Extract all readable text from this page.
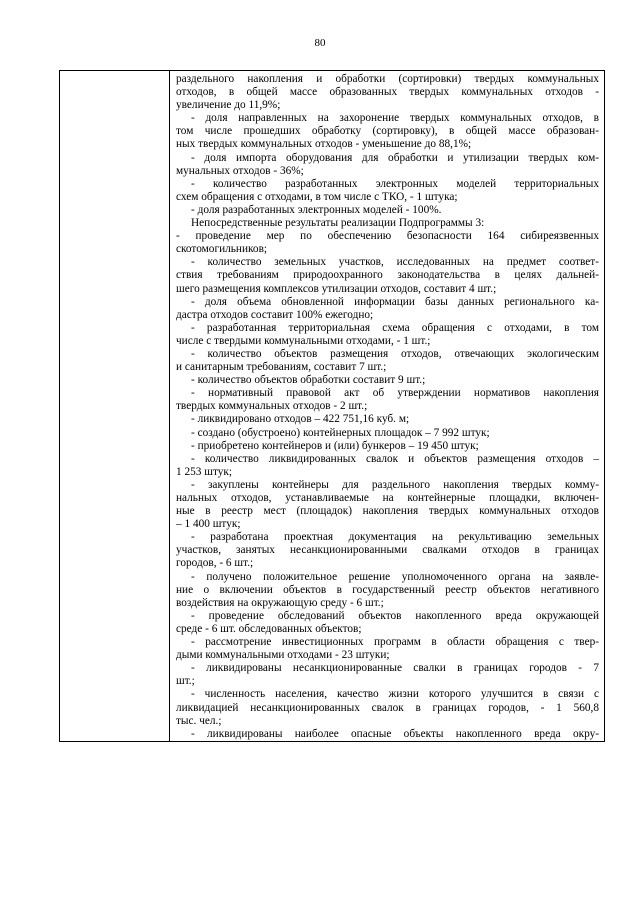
80

раздельного накопления и обработки (сортировки) твердых коммунальных
отходов, в общей массе образованных твердых коммунальных отходов -
увеличение до 11,9%;
- доля направленных на захоронение твердых коммунальных отходов, в
том числе прошедших обработку (сортировку), в общей массе образован-
ных твердых коммунальных отходов - уменьшение до 88,1%;
- доля импорта оборудования для обработки и утилизации твердых ком-
мунальных отходов - 36%;
- количество разработанных электронных моделей территориальных
схем обращения с отходами, в том числе с ТКО, - 1 штука;
- доля разработанных электронных моделей - 100%.
Непосредственные результаты реализации Подпрограммы 3:
- проведение мер по обеспечению безопасности 164 сибиреязвенных
скотомогильников;
- количество земельных участков, исследованных на предмет соответ-
ствия требованиям природоохранного законодательства в целях дальней-
шего размещения комплексов утилизации отходов, составит 4 шт.;
- доля объема обновленной информации базы данных регионального ка-
дастра отходов составит 100% ежегодно;
- разработанная территориальная схема обращения с отходами, в том
числе с твердыми коммунальными отходами, - 1 шт.;
- количество объектов размещения отходов, отвечающих экологическим
и санитарным требованиям, составит 7 шт.;
- количество объектов обработки составит 9 шт.;
- нормативный правовой акт об утверждении нормативов накопления
твердых коммунальных отходов - 2 шт.;
- ликвидировано отходов – 422 751,16 куб. м;
- создано (обустроено) контейнерных площадок – 7 992 штук;
- приобретено контейнеров и (или) бункеров – 19 450 штук;
- количество ликвидированных свалок и объектов размещения отходов –
1 253 штук;
- закуплены контейнеры для раздельного накопления твердых комму-
нальных отходов, устанавливаемые на контейнерные площадки, включен-
ные в реестр мест (площадок) накопления твердых коммунальных отходов
– 1 400 штук;
- разработана проектная документация на рекультивацию земельных
участков, занятых несанкционированными свалками отходов в границах
городов, - 6 шт.;
- получено положительное решение уполномоченного органа на заявле-
ние о включении объектов в государственный реестр объектов негативного
воздействия на окружающую среду - 6 шт.;
- проведение обследований объектов накопленного вреда окружающей
среде - 6 шт. обследованных объектов;
- рассмотрение инвестиционных программ в области обращения с твер-
дыми коммунальными отходами - 23 штуки;
- ликвидированы несанкционированные свалки в границах городов - 7
шт.;
- численность населения, качество жизни которого улучшится в связи с
ликвидацией несанкционированных свалок в границах городов, - 1 560,8
тыс. чел.;
- ликвидированы наиболее опасные объекты накопленного вреда окру-
